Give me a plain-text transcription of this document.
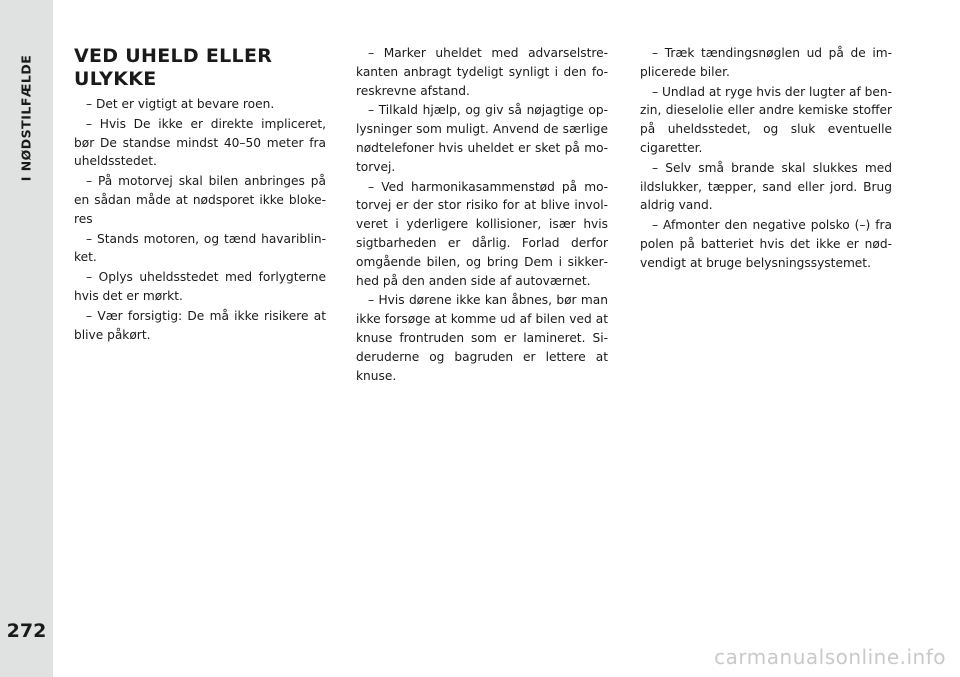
I NØDSTILFÆLDE
272
VED UHELD ELLER
ULYKKE

– Det er vigtigt at bevare roen.

– Hvis De ikke er direkte impliceret, bør De standse mindst 40–50 meter fra uheldsstedet.

– På motorvej skal bilen anbringes på en sådan måde at nødsporet ikke blokeres

– Stands motoren, og tænd havariblinket.

– Oplys uheldsstedet med forlygterne hvis det er mørkt.

– Vær forsigtig: De må ikke risikere at blive påkørt.

– Marker uheldet med advarselstrekanten anbragt tydeligt synligt i den foreskrevne afstand.

– Tilkald hjælp, og giv så nøjagtige oplysninger som muligt. Anvend de særlige nødtelefoner hvis uheldet er sket på motorvej.

– Ved harmonikasammenstød på motorvej er der stor risiko for at blive involveret i yderligere kollisioner, især hvis sigtbarheden er dårlig. Forlad derfor omgående bilen, og bring Dem i sikkerhed på den anden side af autoværnet.

– Hvis dørene ikke kan åbnes, bør man ikke forsøge at komme ud af bilen ved at knuse frontruden som er lamineret. Sideruderne og bagruden er lettere at knuse.

– Træk tændingsnøglen ud på de implicerede biler.

– Undlad at ryge hvis der lugter af benzin, dieselolie eller andre kemiske stoffer på uheldsstedet, og sluk eventuelle cigaretter.

– Selv små brande skal slukkes med ildslukker, tæpper, sand eller jord. Brug aldrig vand.

– Afmonter den negative polsko (–) fra polen på batteriet hvis det ikke er nødvendigt at bruge belysningssystemet.

carmanualsonline.info
